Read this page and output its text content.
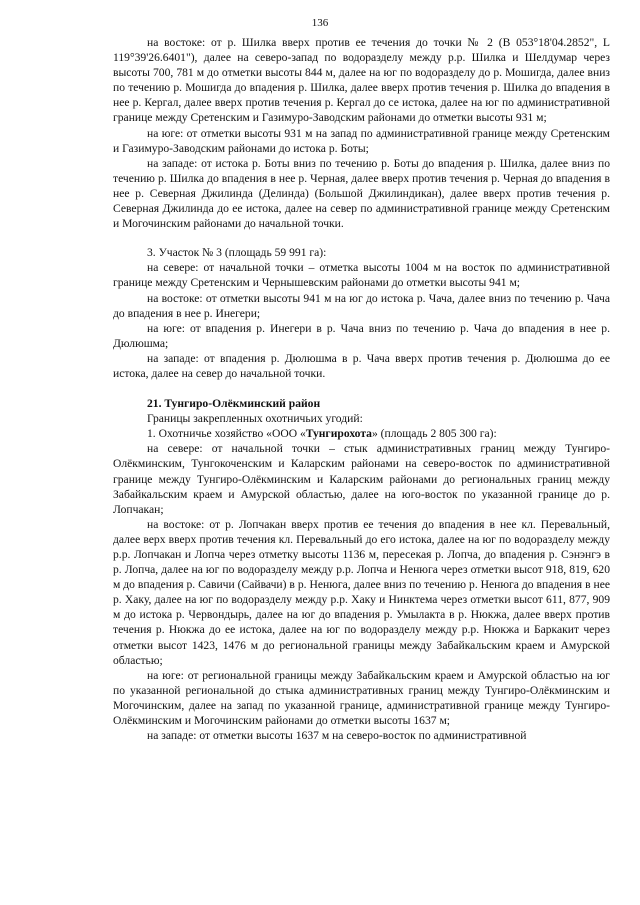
136

на востоке: от р. Шилка вверх против ее течения до точки № 2 (В 053°18'04.2852", L 119°39'26.6401"), далее на северо-запад по водоразделу между р.р. Шилка и Шелдумар через высоты 700, 781 м до отметки высоты 844 м, далее на юг по водоразделу до р. Мошигда, далее вниз по течению р. Мошигда до впадения р. Шилка, далее вверх против течения р. Шилка до впадения в нее р. Кергал, далее вверх против течения р. Кергал до се истока, далее на юг по административной границе между Сретенским и Газимуро-Заводским районами до отметки высоты 931 м;

на юге: от отметки высоты 931 м на запад по административной границе между Сретенским и Газимуро-Заводским районами до истока р. Боты;

на западе: от истока р. Боты вниз по течению р. Боты до впадения р. Шилка, далее вниз по течению р. Шилка до впадения в нее р. Черная, далее вверх против течения р. Черная до впадения в нее р. Северная Джилинда (Делинда) (Большой Джилиндикан), далее вверх против течения р. Северная Джилинда до ее истока, далее на север по административной границе между Сретенским и Могочинским районами до начальной точки.

3. Участок № 3 (площадь 59 991 га):

на севере: от начальной точки – отметка высоты 1004 м на восток по административной границе между Сретенским и Чернышевским районами до отметки высоты 941 м;

на востоке: от отметки высоты 941 м на юг до истока р. Чача, далее вниз по течению р. Чача до впадения в нее р. Инегери;

на юге: от впадения р. Инегери в р. Чача вниз по течению р. Чача до впадения в нее р. Дюлюшма;

на западе: от впадения р. Дюлюшма в р. Чача вверх против течения р. Дюлюшма до ее истока, далее на север до начальной точки.

21. Тунгиро-Олёкминский район

Границы закрепленных охотничьих угодий:

1. Охотничье хозяйство «ООО «Тунгирохота» (площадь 2 805 300 га):

на севере: от начальной точки – стык административных границ между Тунгиро-Олёкминским, Тунгокоченским и Каларским районами на северо-восток по административной границе между Тунгиро-Олёкминским и Каларским районами до региональных границ между Забайкальским краем и Амурской областью, далее на юго-восток по указанной границе до р. Лопчакан;

на востоке: от р. Лопчакан вверх против ее течения до впадения в нее кл. Перевальный, далее верх вверх против течения кл. Перевальный до его истока, далее на юг по водоразделу между р.р. Лопчакан и Лопча через отметку высоты 1136 м, пересекая р. Лопча, до впадения р. Сэнэнгэ в р. Лопча, далее на юг по водоразделу между р.р. Лопча и Ненюга через отметки высот 918, 819, 620 м до впадения р. Савичи (Сайвачи) в р. Ненюга, далее вниз по течению р. Ненюга до впадения в нее р. Хаку, далее на юг по водоразделу между р.р. Хаку и Нинктема через отметки высот 611, 877, 909 м до истока р. Червондырь, далее на юг до впадения р. Умылакта в р. Нюкжа, далее вверх против течения р. Нюкжа до ее истока, далее на юг по водоразделу между р.р. Нюкжа и Баркакит через отметки высот 1423, 1476 м до региональной границы между Забайкальским краем и Амурской областью;

на юге: от региональной границы между Забайкальским краем и Амурской областью на юг по указанной региональной до стыка административных границ между Тунгиро-Олёкминским и Могочинским, далее на запад по указанной границе, административной границе между Тунгиро-Олёкминским и Могочинским районами до отметки высоты 1637 м;

на западе: от отметки высоты 1637 м на северо-восток по административной
